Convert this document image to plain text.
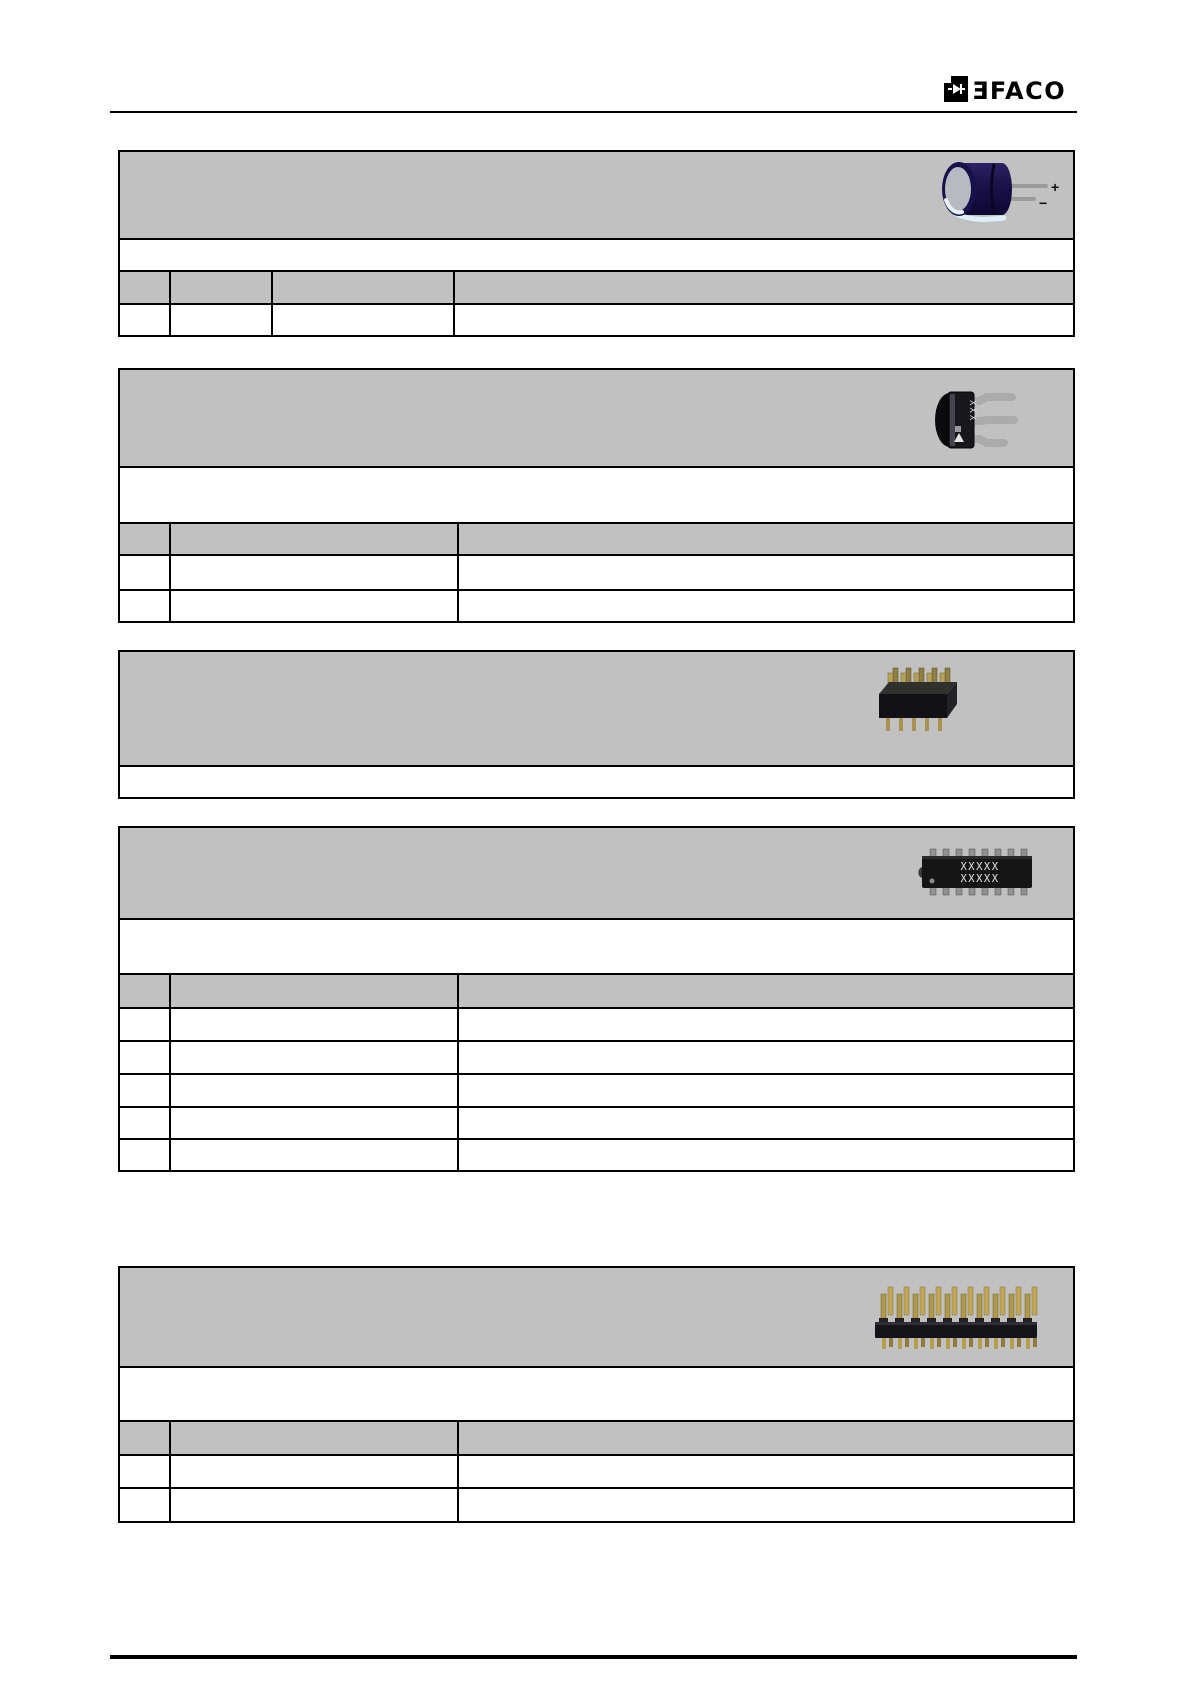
ƎFACO
+
−			

XXX		

XXXXX
XXXXX		
